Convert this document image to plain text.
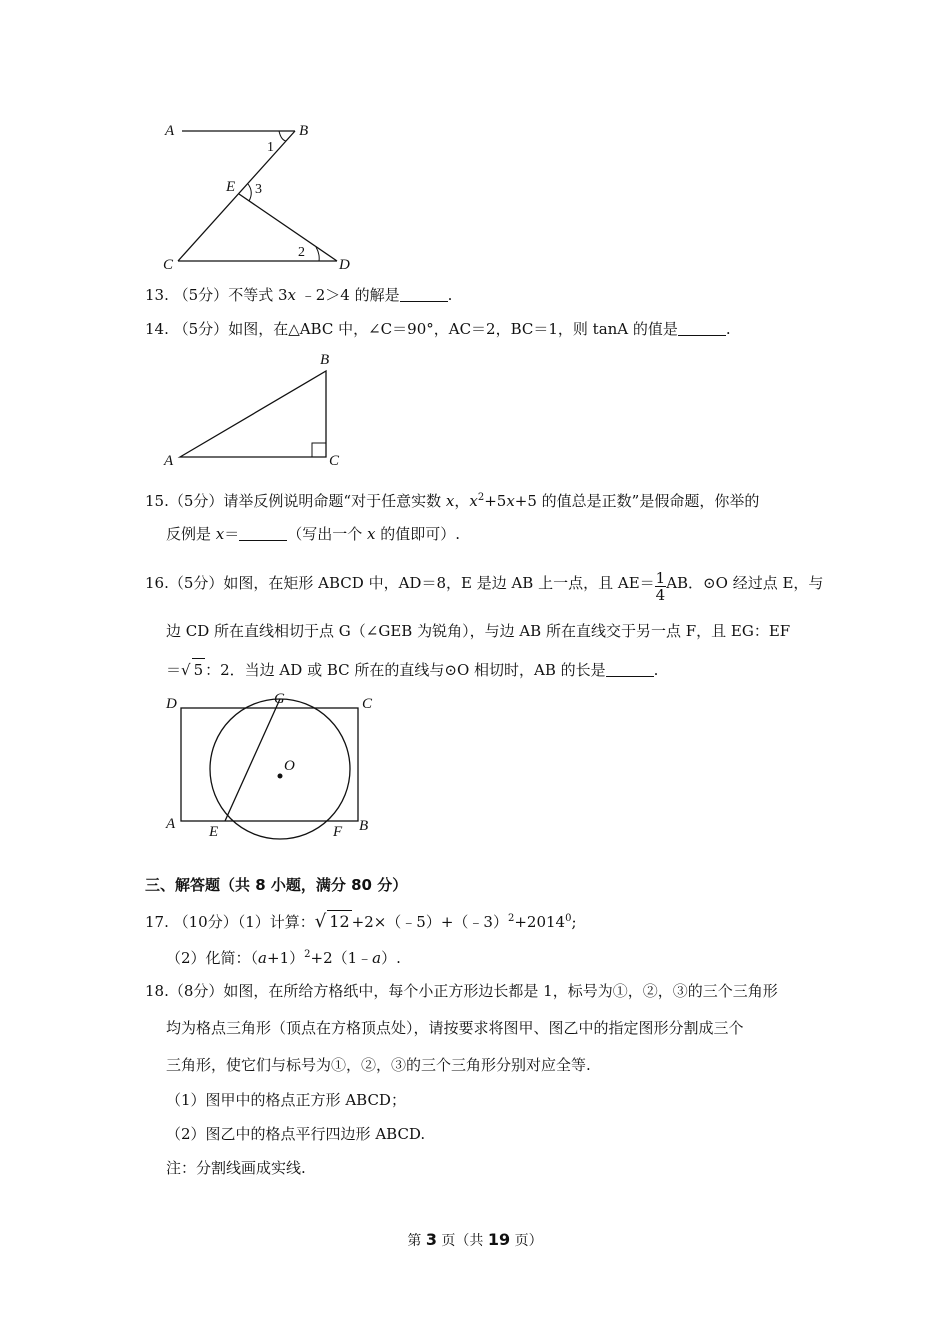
A	B
E
C	D
1
3
2
13. （5分）不等式 3x ﹣2＞4 的解是	.
14. （5分）如图，在△ABC 中，∠C＝90°，AC＝2，BC＝1，则 tanA 的值是	.
B
A	C
15.（5分）请举反例说明命题“对于任意实数 x，$x^2+5x+5$ 的值总是正数”是假命题，你举的
反例是 x＝	（写出一个 x 的值即可）.
16.（5分）如图，在矩形 ABCD 中，AD＝8，E 是边 AB 上一点，且 $AE= \frac{1}{4}$ AB．⊙O 经过点 E，与
边 CD 所在直线相切于点 G（∠GEB 为锐角），与边 AB 所在直线交于另一点 F，且 EG：EF
＝√ 5 ：2．当边 AD 或 BC 所在的直线与⊙O 相切时，AB 的长是	.
D	G	C
O
A E	F B
三、解答题（共 8 小题，满分 80 分）
17. （10分）（1）计算：√ $12 +2\times(﹣5)+(﹣3)^2+2014^0$;
（2）化简：$(a+1)^2+2(1﹣a)$.
18.（8分）如图，在所给方格纸中，每个小正方形边长都是 1，标号为①，②，③的三个三角形
均为格点三角形（顶点在方格顶点处），请按要求将图甲、图乙中的指定图形分割成三个
三角形，使它们与标号为①，②，③的三个三角形分别对应全等.
（1）图甲中的格点正方形 ABCD；
（2）图乙中的格点平行四边形 ABCD.
注：分割线画成实线.
第 3 页（共 19 页）
